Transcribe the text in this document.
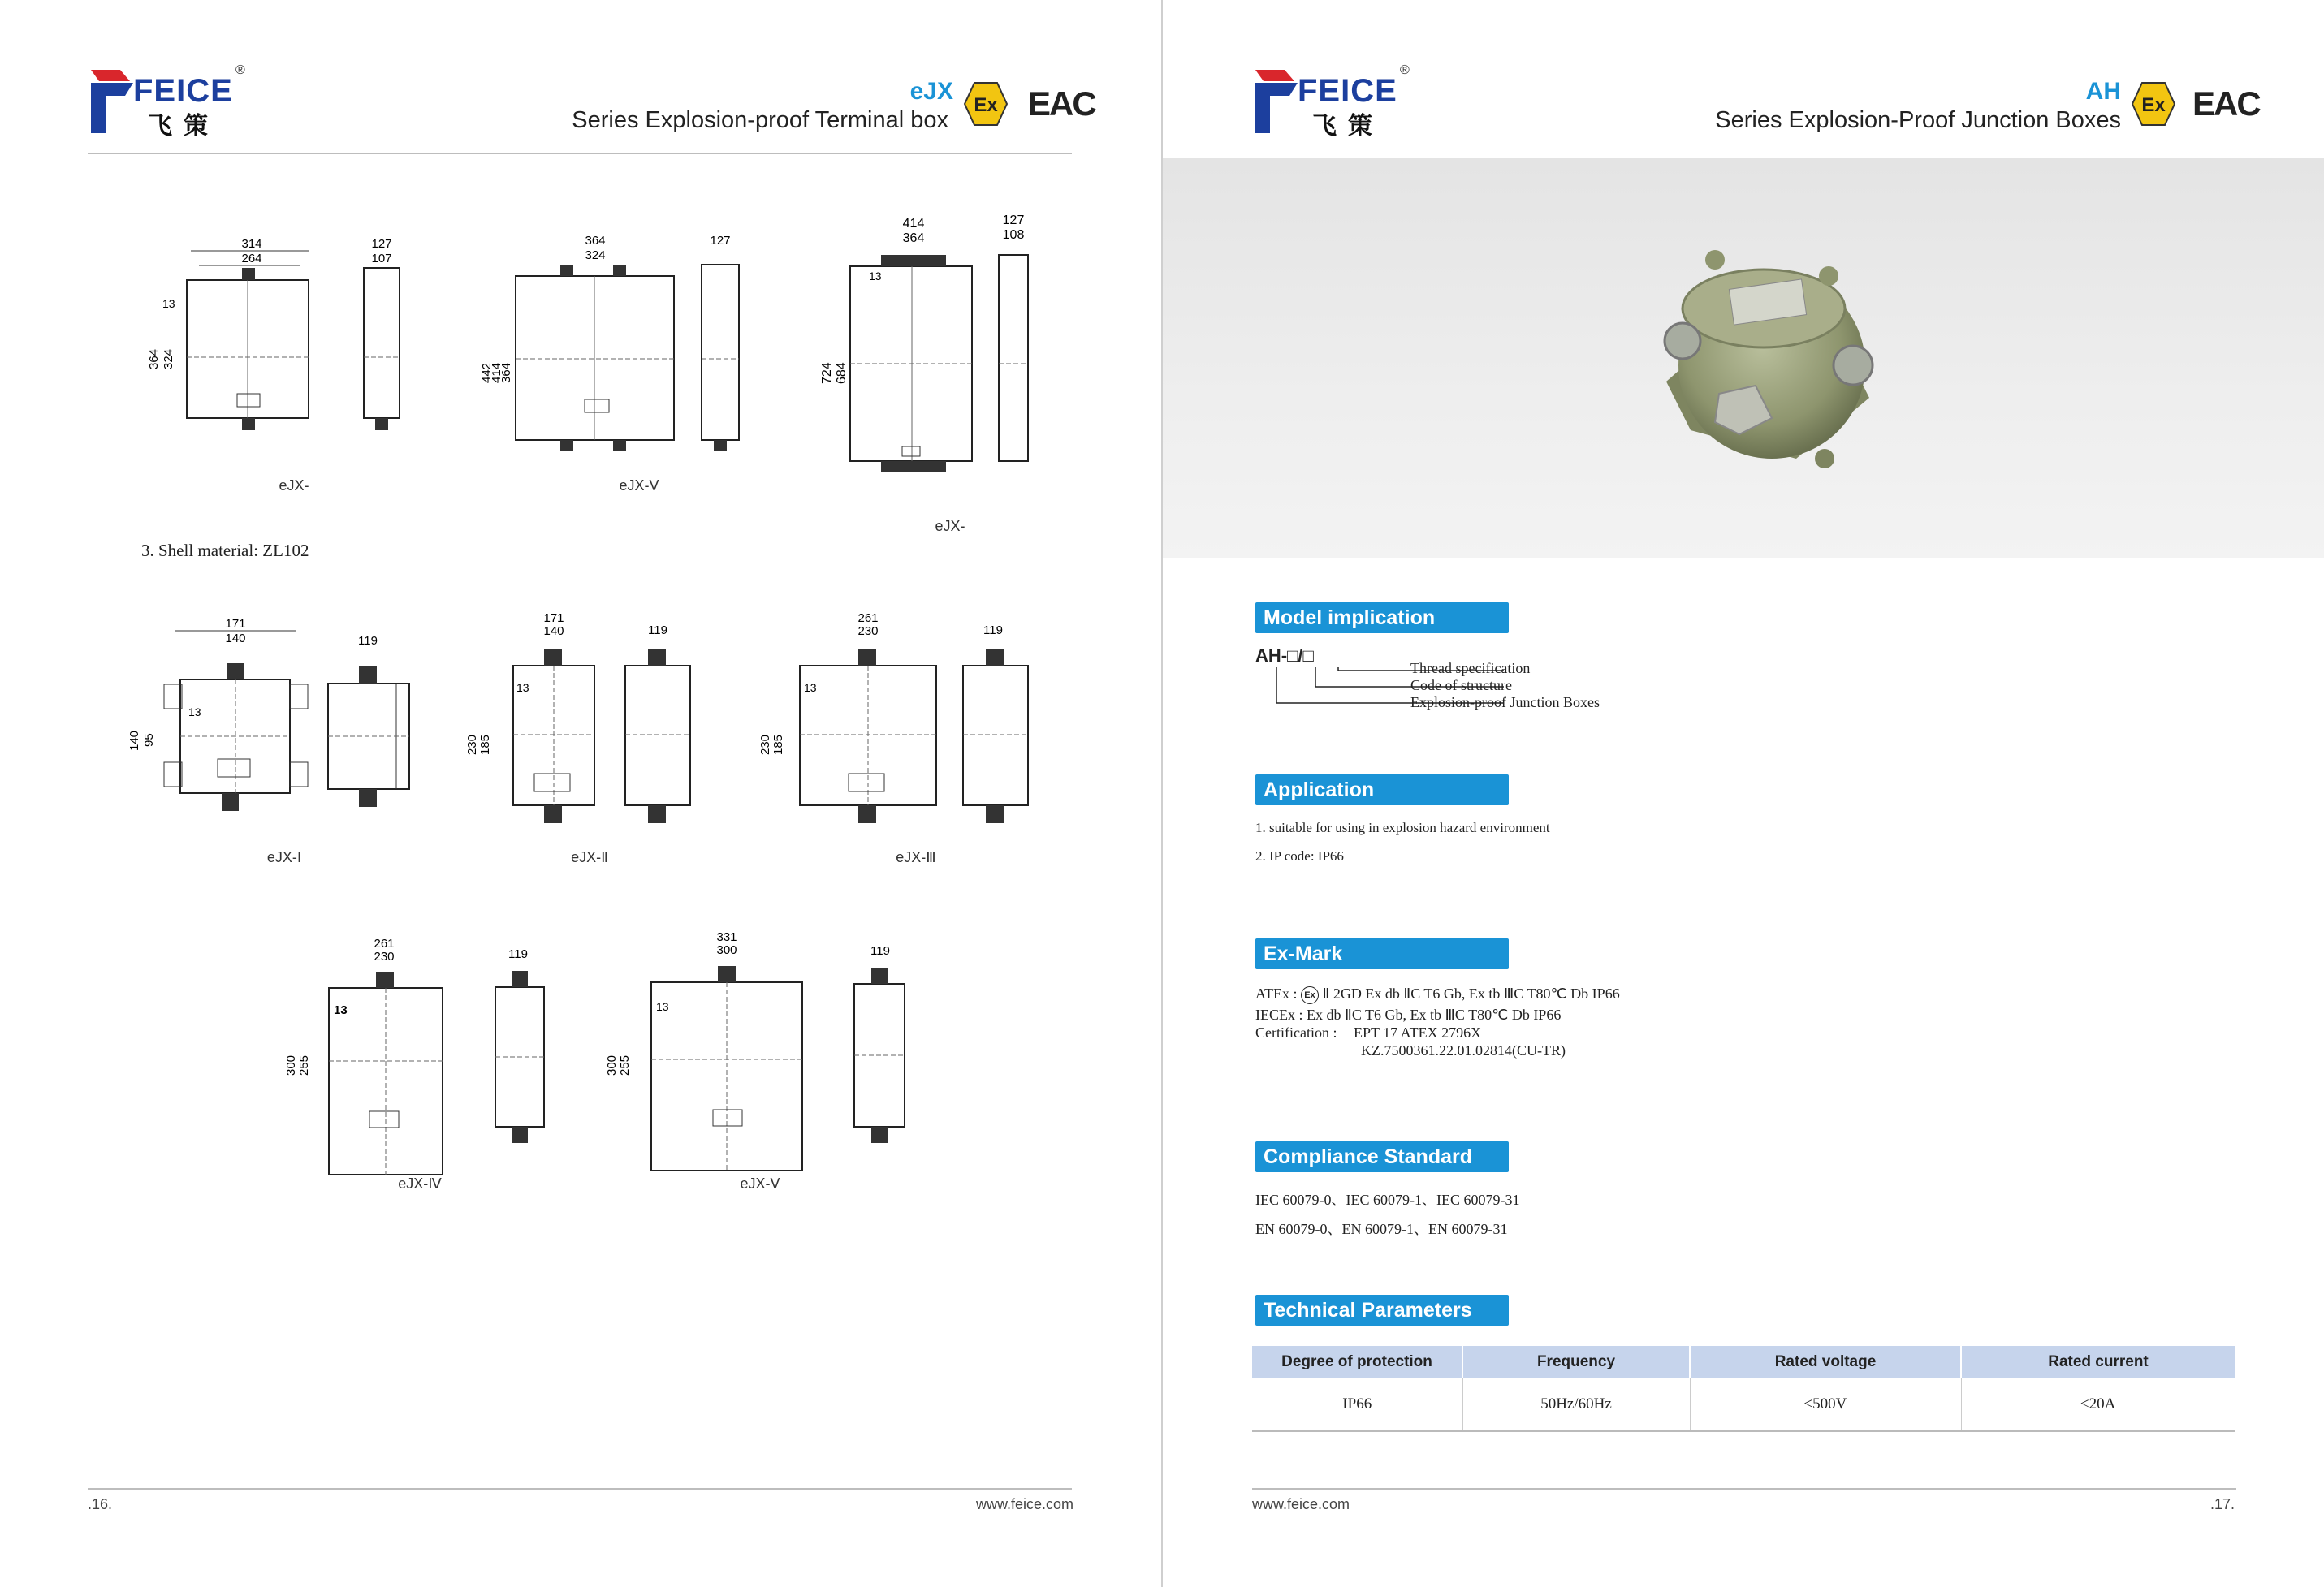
FEICE
飞策
®
eJX
Series Explosion-proof Terminal box
Ex EAC
314
264
13
364 324
127
107
eJX-
364
324
442
414
364
127
eJX-V
414
364
13
724 684
127
108
eJX-
3. Shell material: ZL102
171
140
13
140 95
119
eJX-Ⅰ
171
140
13
230 185
119
eJX-Ⅱ
261
230
13
230 185
119
eJX-Ⅲ
261
230
13
300 255
119
eJX-Ⅳ
331
300
13
300 255
119
eJX-V
.16.	www.feice.com
FEICE
飞策
®
AH
Series Explosion-Proof Junction Boxes
Ex EAC
Model implication
AH-□/□
Thread specification
Code of structure
Explosion-proof Junction Boxes
Application
1. suitable for using in explosion hazard environment
2. IP code: IP66
Ex-Mark
ATEx : Ex Ⅱ 2GD Ex db ⅡC T6 Gb, Ex tb ⅢC T80℃ Db IP66
IECEx : Ex db ⅡC T6 Gb, Ex tb ⅢC T80℃ Db IP66
Certification : EPT 17 ATEX 2796X
KZ.7500361.22.01.02814(CU-TR)
Compliance Standard
IEC 60079-0、IEC 60079-1、IEC 60079-31
EN 60079-0、EN 60079-1、EN 60079-31
Technical Parameters
Degree of protection	Frequency	Rated voltage	Rated current
IP66	50Hz/60Hz	≤500V	≤20A
www.feice.com	.17.
